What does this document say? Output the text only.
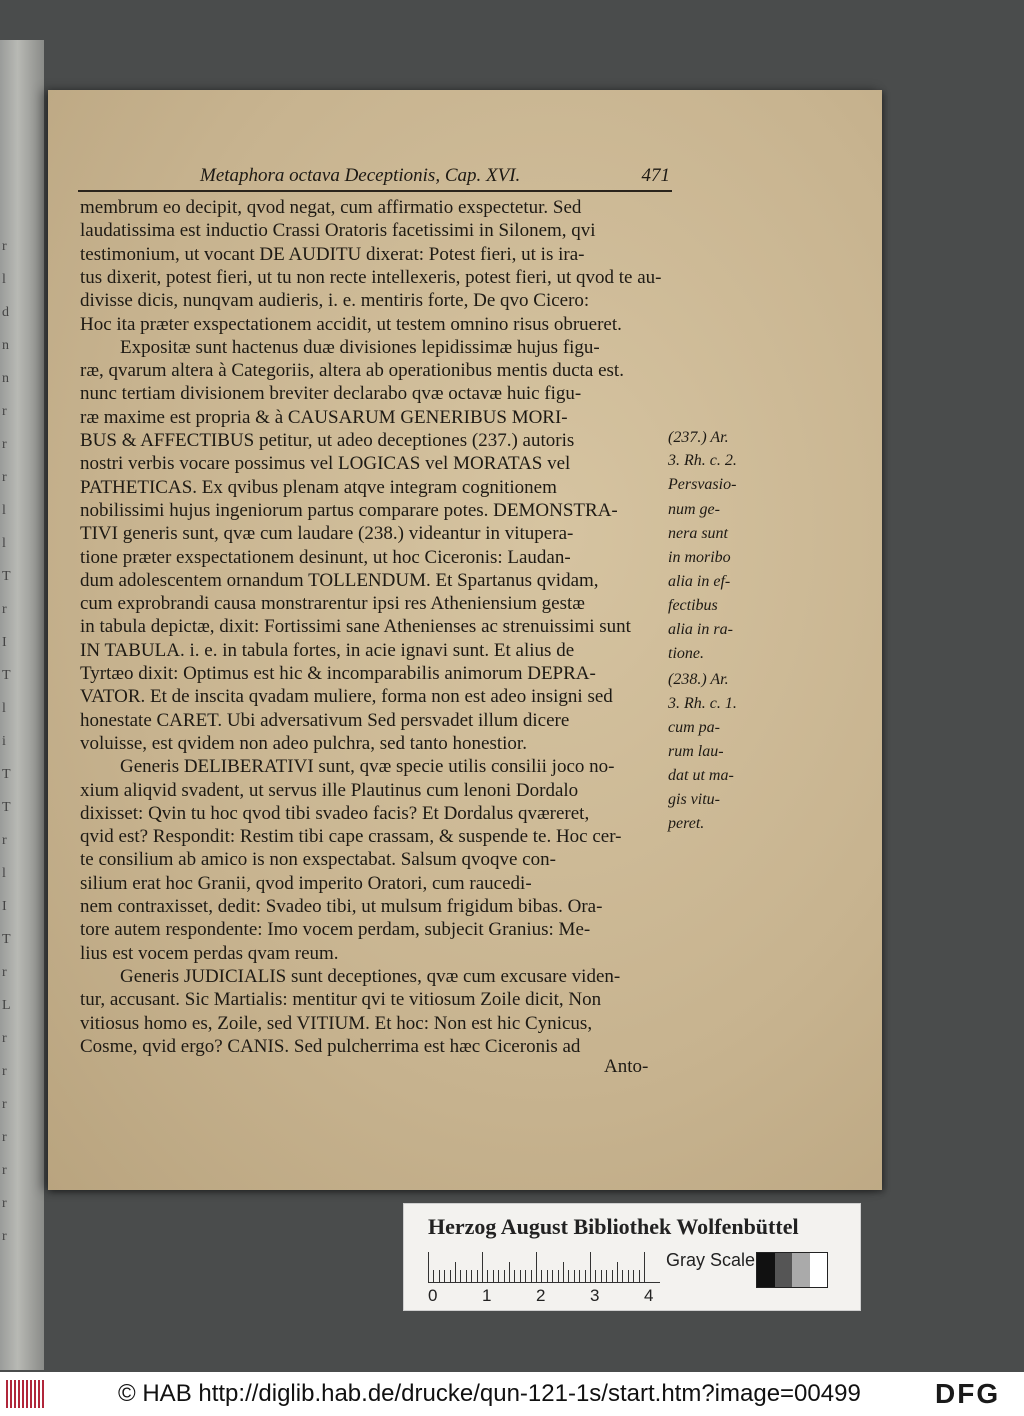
r
l
d
n
n
r
r
r
l
l
T
r
I
T
l
i
T
T
r
l
I
T
r
L
r
r
r
r
r
r
r
Metaphora octava Deceptionis, Cap. XVI.	471
membrum eo decipit, qvod negat, cum affirmatio exspectetur. Sed
laudatissima est inductio Crassi Oratoris facetissimi in Silonem, qvi
testimonium, ut vocant DE AUDITU dixerat: Potest fieri, ut is ira-
tus dixerit, potest fieri, ut tu non recte intellexeris, potest fieri, ut qvod te au-
divisse dicis, nunqvam audieris, i. e. mentiris forte, De qvo Cicero:
Hoc ita præter exspectationem accidit, ut testem omnino risus obrueret.
Expositæ sunt hactenus duæ divisiones lepidissimæ hujus figu-
ræ, qvarum altera à Categoriis, altera ab operationibus mentis ducta est.
nunc tertiam divisionem breviter declarabo qvæ octavæ huic figu-
ræ maxime est propria & à CAUSARUM GENERIBUS MORI-
BUS & AFFECTIBUS petitur, ut adeo deceptiones (237.) autoris
nostri verbis vocare possimus vel LOGICAS vel MORATAS vel
PATHETICAS. Ex qvibus plenam atqve integram cognitionem
nobilissimi hujus ingeniorum partus comparare potes. DEMONSTRA-
TIVI generis sunt, qvæ cum laudare (238.) videantur in vitupera-
tione præter exspectationem desinunt, ut hoc Ciceronis: Laudan-
dum adolescentem ornandum TOLLENDUM. Et Spartanus qvidam,
cum exprobrandi causa monstrarentur ipsi res Atheniensium gestæ
in tabula depictæ, dixit: Fortissimi sane Athenienses ac strenuissimi sunt
IN TABULA. i. e. in tabula fortes, in acie ignavi sunt. Et alius de
Tyrtæo dixit: Optimus est hic & incomparabilis animorum DEPRA-
VATOR. Et de inscita qvadam muliere, forma non est adeo insigni sed
honestate CARET. Ubi adversativum Sed persvadet illum dicere
voluisse, est qvidem non adeo pulchra, sed tanto honestior.
Generis DELIBERATIVI sunt, qvæ specie utilis consilii joco no-
xium aliqvid svadent, ut servus ille Plautinus cum lenoni Dordalo
dixisset: Qvin tu hoc qvod tibi svadeo facis? Et Dordalus qværeret,
qvid est? Respondit: Restim tibi cape crassam, & suspende te. Hoc cer-
te consilium ab amico is non exspectabat. Salsum qvoqve con-
silium erat hoc Granii, qvod imperito Oratori, cum raucedi-
nem contraxisset, dedit: Svadeo tibi, ut mulsum frigidum bibas. Ora-
tore autem respondente: Imo vocem perdam, subjecit Granius: Me-
lius est vocem perdas qvam reum.
Generis JUDICIALIS sunt deceptiones, qvæ cum excusare viden-
tur, accusant. Sic Martialis: mentitur qvi te vitiosum Zoile dicit, Non
vitiosus homo es, Zoile, sed VITIUM. Et hoc: Non est hic Cynicus,
Cosme, qvid ergo? CANIS. Sed pulcherrima est hæc Ciceronis ad
(237.) Ar.
3. Rh. c. 2.
Persvasio-
num ge-
nera sunt
in moribo
alia in ef-
fectibus
alia in ra-
tione.
(238.) Ar.
3. Rh. c. 1.
cum pa-
rum lau-
dat ut ma-
gis vitu-
peret.
Anto-
Herzog August Bibliothek Wolfenbüttel
0	1	2	3	4
Gray Scale
© HAB http://diglib.hab.de/drucke/qun-121-1s/start.htm?image=00499	DFG
